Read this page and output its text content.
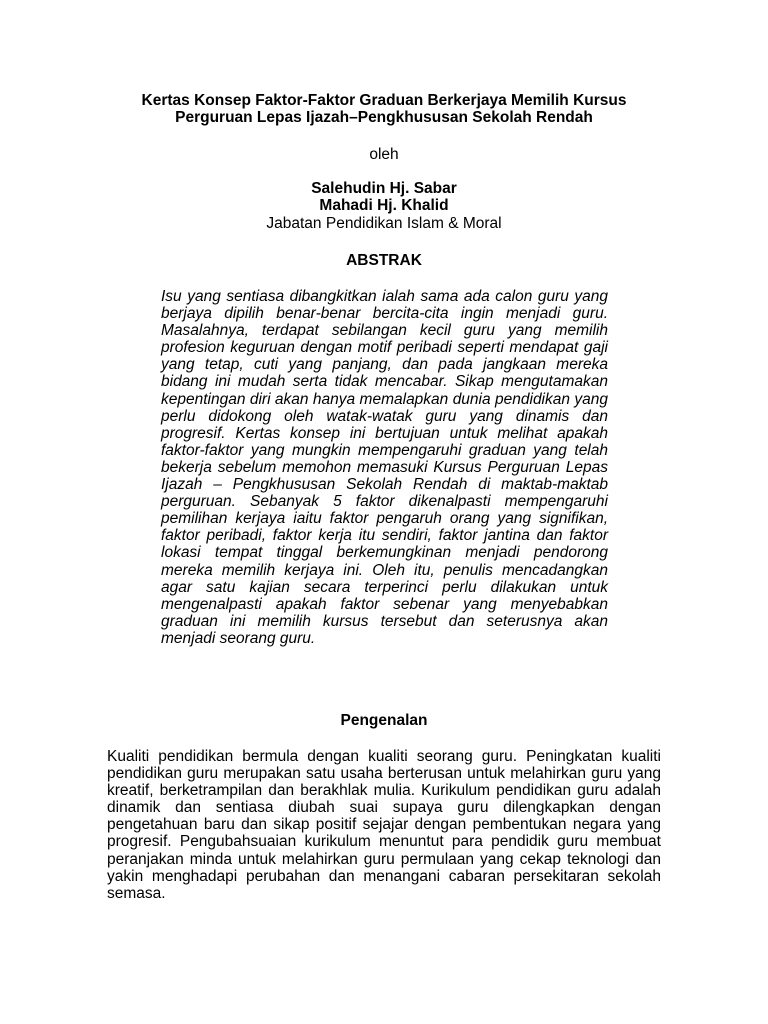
Kertas Konsep Faktor-Faktor Graduan Berkerjaya Memilih Kursus
Perguruan Lepas Ijazah–Pengkhususan Sekolah Rendah

oleh

Salehudin Hj. Sabar

Mahadi Hj. Khalid

Jabatan Pendidikan Islam & Moral

ABSTRAK

Isu yang sentiasa dibangkitkan ialah sama ada calon guru yang berjaya dipilih benar-benar bercita-cita ingin menjadi guru. Masalahnya, terdapat sebilangan kecil guru yang memilih profesion keguruan dengan motif peribadi seperti mendapat gaji yang tetap, cuti yang panjang, dan pada jangkaan mereka bidang ini mudah serta tidak mencabar. Sikap mengutamakan kepentingan diri akan hanya memalapkan dunia pendidikan yang perlu didokong oleh watak-watak guru yang dinamis dan progresif. Kertas konsep ini bertujuan untuk melihat apakah faktor-faktor yang mungkin mempengaruhi graduan yang telah bekerja sebelum memohon memasuki Kursus Perguruan Lepas Ijazah – Pengkhususan Sekolah Rendah di maktab-maktab perguruan. Sebanyak 5 faktor dikenalpasti mempengaruhi pemilihan kerjaya iaitu faktor pengaruh orang yang signifikan, faktor peribadi, faktor kerja itu sendiri, faktor jantina dan faktor lokasi tempat tinggal berkemungkinan menjadi pendorong mereka memilih kerjaya ini. Oleh itu, penulis mencadangkan agar satu kajian secara terperinci perlu dilakukan untuk mengenalpasti apakah faktor sebenar yang menyebabkan graduan ini memilih kursus tersebut dan seterusnya akan menjadi seorang guru.

Pengenalan

Kualiti pendidikan bermula dengan kualiti seorang guru. Peningkatan kualiti pendidikan guru merupakan satu usaha berterusan untuk melahirkan guru yang kreatif, berketrampilan dan berakhlak mulia. Kurikulum pendidikan guru adalah dinamik dan sentiasa diubah suai supaya guru dilengkapkan dengan pengetahuan baru dan sikap positif sejajar dengan pembentukan negara yang progresif. Pengubahsuaian kurikulum menuntut para pendidik guru membuat peranjakan minda untuk melahirkan guru permulaan yang cekap teknologi dan yakin menghadapi perubahan dan menangani cabaran persekitaran sekolah semasa.
